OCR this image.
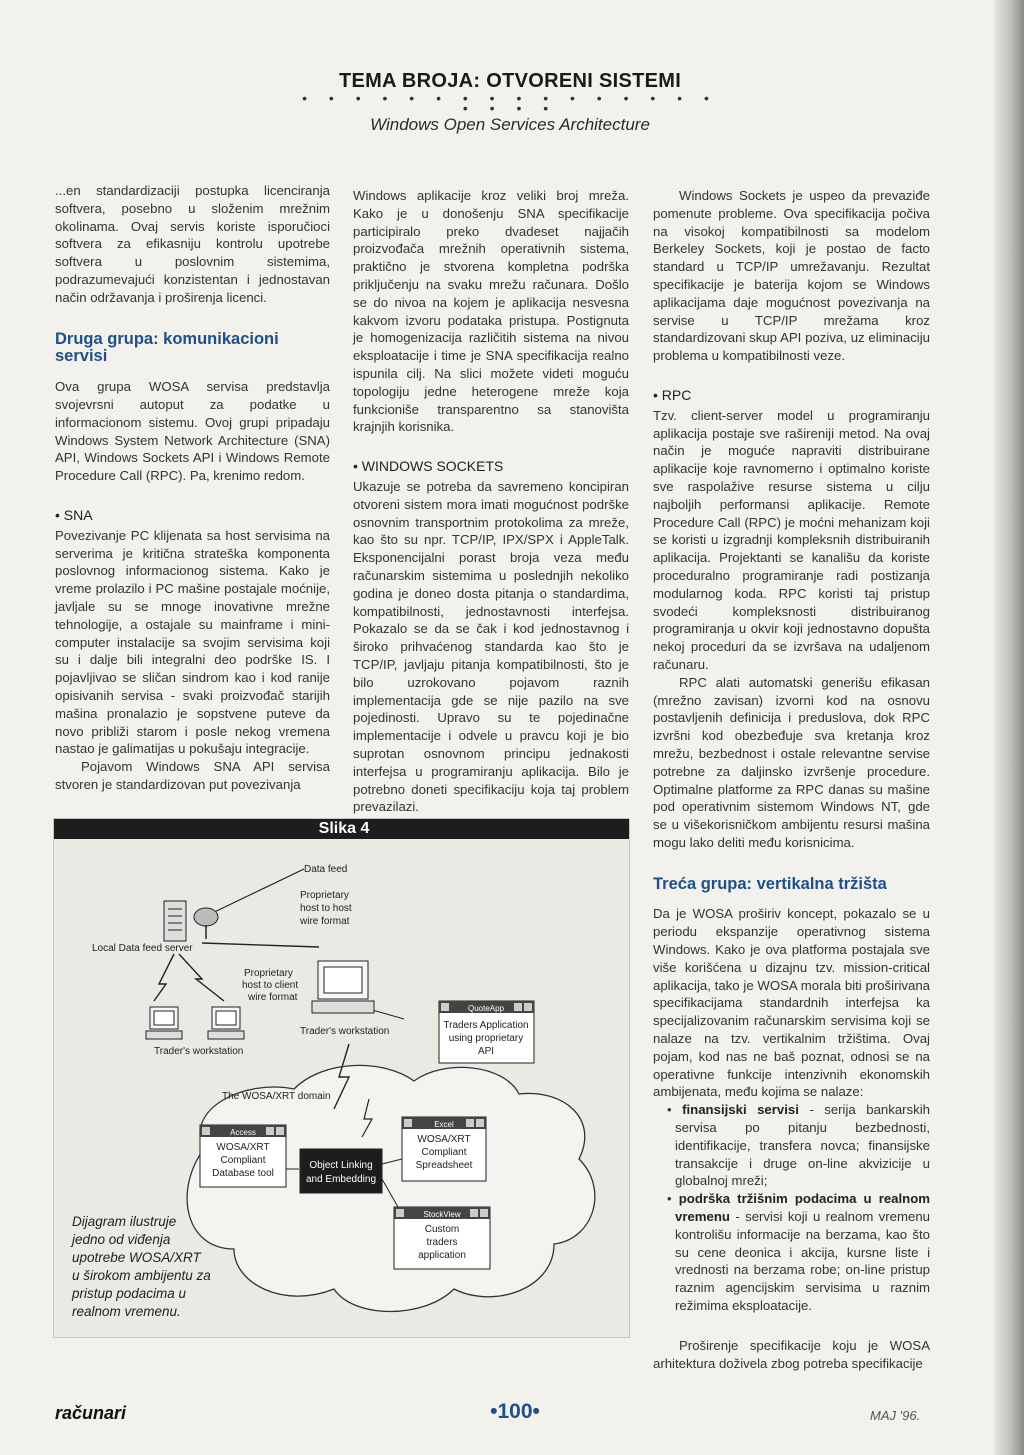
TEMA BROJA: OTVORENI SISTEMI
• • • • • • • • • • • • • • • • • • • •
Windows Open Services Architecture

...en standardizaciji postupka licenciranja softvera, posebno u složenim mrežnim okolinama. Ovaj servis koriste isporučioci softvera za efikasniju kontrolu upotrebe softvera u poslovnim sistemima, podrazumevajući konzistentan i jednostavan način održavanja i proširenja licenci.

Druga grupa: komunikacioni servisi

Ova grupa WOSA servisa predstavlja svojevrsni autoput za podatke u informacionom sistemu. Ovoj grupi pripadaju Windows System Network Architecture (SNA) API, Windows Sockets API i Windows Remote Procedure Call (RPC). Pa, krenimo redom.

• SNA

Povezivanje PC klijenata sa host servisima na serverima je kritična strateška komponenta poslovnog informacionog sistema. Kako je vreme prolazilo i PC mašine postajale moćnije, javljale su se mnoge inovativne mrežne tehnologije, a ostajale su mainframe i mini-computer instalacije sa svojim servisima koji su i dalje bili integralni deo podrške IS. I pojavljivao se sličan sindrom kao i kod ranije opisivanih servisa - svaki proizvođač starijih mašina pronalazio je sopstvene puteve da novo približi starom i posle nekog vremena nastao je galimatijas u pokušaju integracije.

Pojavom Windows SNA API servisa stvoren je standardizovan put povezivanja

Windows aplikacije kroz veliki broj mreža. Kako je u donošenju SNA specifikacije participiralo preko dvadeset najjačih proizvođača mrežnih operativnih sistema, praktično je stvorena kompletna podrška priključenju na svaku mrežu računara. Došlo se do nivoa na kojem je aplikacija nesvesna kakvom izvoru podataka pristupa. Postignuta je homogenizacija različitih sistema na nivou eksploatacije i time je SNA specifikacija realno ispunila cilj. Na slici možete videti moguću topologiju jedne heterogene mreže koja funkcioniše transparentno sa stanovišta krajnjih korisnika.

• WINDOWS SOCKETS

Ukazuje se potreba da savremeno koncipiran otvoreni sistem mora imati mogućnost podrške osnovnim transportnim protokolima za mreže, kao što su npr. TCP/IP, IPX/SPX i AppleTalk. Eksponencijalni porast broja veza među računarskim sistemima u poslednjih nekoliko godina je doneo dosta pitanja o standardima, kompatibilnosti, jednostavnosti interfejsa. Pokazalo se da se čak i kod jednostavnog i široko prihvaćenog standarda kao što je TCP/IP, javljaju pitanja kompatibilnosti, što je bilo uzrokovano pojavom raznih implementacija gde se nije pazilo na sve pojedinosti. Upravo su te pojedinačne implementacije i odvele u pravcu koji je bio suprotan osnovnom principu jednakosti interfejsa u programiranju aplikacija. Bilo je potrebno doneti specifikaciju koja taj problem prevazilazi.

Windows Sockets je uspeo da prevaziđe pomenute probleme. Ova specifikacija počiva na visokoj kompatibilnosti sa modelom Berkeley Sockets, koji je postao de facto standard u TCP/IP umrežavanju. Rezultat specifikacije je baterija kojom se Windows aplikacijama daje mogućnost povezivanja na servise u TCP/IP mrežama kroz standardizovani skup API poziva, uz eliminaciju problema u kompatibilnosti veze.

• RPC

Tzv. client-server model u programiranju aplikacija postaje sve rašireniji metod. Na ovaj način je moguće napraviti distribuirane aplikacije koje ravnomerno i optimalno koriste sve raspolažive resurse sistema u cilju najboljih performansi aplikacije. Remote Procedure Call (RPC) je moćni mehanizam koji se koristi u izgradnji kompleksnih distribuiranih aplikacija. Projektanti se kanališu da koriste proceduralno programiranje radi postizanja modularnog koda. RPC koristi taj pristup svodeći kompleksnosti distribuiranog programiranja u okvir koji jednostavno dopušta nekoj proceduri da se izvršava na udaljenom računaru.

RPC alati automatski generišu efikasan (mrežno zavisan) izvorni kod na osnovu postavljenih definicija i preduslova, dok RPC izvršni kod obezbeđuje sva kretanja kroz mrežu, bezbednost i ostale relevantne servise potrebne za daljinsko izvršenje procedure. Optimalne platforme za RPC danas su mašine pod operativnim sistemom Windows NT, gde se u višekorisničkom ambijentu resursi mašina mogu lako deliti među korisnicima.

Treća grupa: vertikalna tržišta

Da je WOSA proširiv koncept, pokazalo se u periodu ekspanzije operativnog sistema Windows. Kako je ova platforma postajala sve više korišćena u dizajnu tzv. mission-critical aplikacija, tako je WOSA morala biti proširivana specifikacijama standardnih interfejsa ka specijalizovanim računarskim servisima koji se nalaze na tzv. vertikalnim tržištima. Ovaj pojam, kod nas ne baš poznat, odnosi se na operativne funkcije intenzivnih ekonomskih ambijenata, među kojima se nalaze:

• finansijski servisi - serija bankarskih servisa po pitanju bezbednosti, identifikacije, transfera novca; finansijske transakcije i druge on-line akvizicije u globalnoj mreži;

• podrška tržišnim podacima u realnom vremenu - servisi koji u realnom vremenu kontrolišu informacije na berzama, kao što su cene deonica i akcija, kursne liste i vrednosti na berzama robe; on-line pristup raznim agencijskim servisima u raznim režimima eksploatacije.

Proširenje specifikacije koju je WOSA arhitektura doživela zbog potreba specifikacije

Data feed
Proprietary
host to host
wire format
Local Data feed server
Trader's workstation
Proprietary
host to client
wire format
Trader's workstation
QuoteApp
Traders Application
using proprietary
API
The WOSA/XRT domain
Access
WOSA/XRT
Compliant
Database tool
Object Linking
and Embedding
Excel
WOSA/XRT
Compliant
Spreadsheet
StockView
Custom
traders
application
Slika 4
Dijagram ilustruje jedno od viđenja upotrebe WOSA/XRT u širokom ambijentu za pristup podacima u realnom vremenu.
računari	•100•	MAJ '96.
